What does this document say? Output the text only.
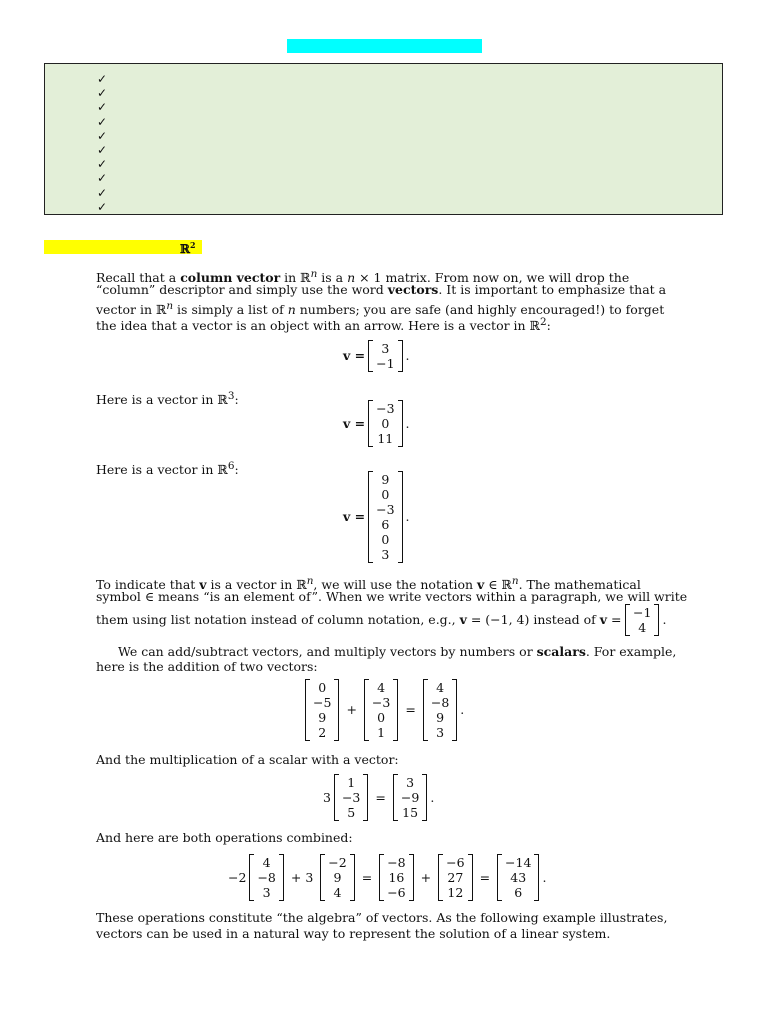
✓
✓
✓
✓
✓
✓
✓
✓
✓
✓
ℝ$^2$
Recall that a column vector in ℝ$^n$ is a n × 1 matrix. From now on, we will drop the
“column” descriptor and simply use the word vectors. It is important to emphasize that a
vector in ℝ$^n$ is simply a list of n numbers; you are safe (and highly encouraged!) to forget
the idea that a vector is an object with an arrow. Here is a vector in ℝ$^2$:
v = 3
−1
.
Here is a vector in ℝ$^3$:
v =
−3
0
11
.
Here is a vector in ℝ$^6$:
v =
9
0
−3
6
0
3
.
To indicate that v is a vector in ℝ$^n$, we will use the notation v ∈ ℝ$^n$. The mathematical
symbol ∈ means “is an element of”. When we write vectors within a paragraph, we will write
them using list notation instead of column notation, e.g., v = (−1, 4) instead of v = −1
4
.
We can add/subtract vectors, and multiply vectors by numbers or scalars. For example,
here is the addition of two vectors:
0
−5
9
2
+
4
−3
0
1
=
4
−8
9
3
.
And the multiplication of a scalar with a vector:
3
1
−3
5
=
3
−9
15
.
And here are both operations combined:
−2
4
−8
3
+ 3
−2
9
4
=
−8
16
−6
+
−6
27
12
=
−14
43
6
.
These operations constitute “the algebra” of vectors. As the following example illustrates,
vectors can be used in a natural way to represent the solution of a linear system.
